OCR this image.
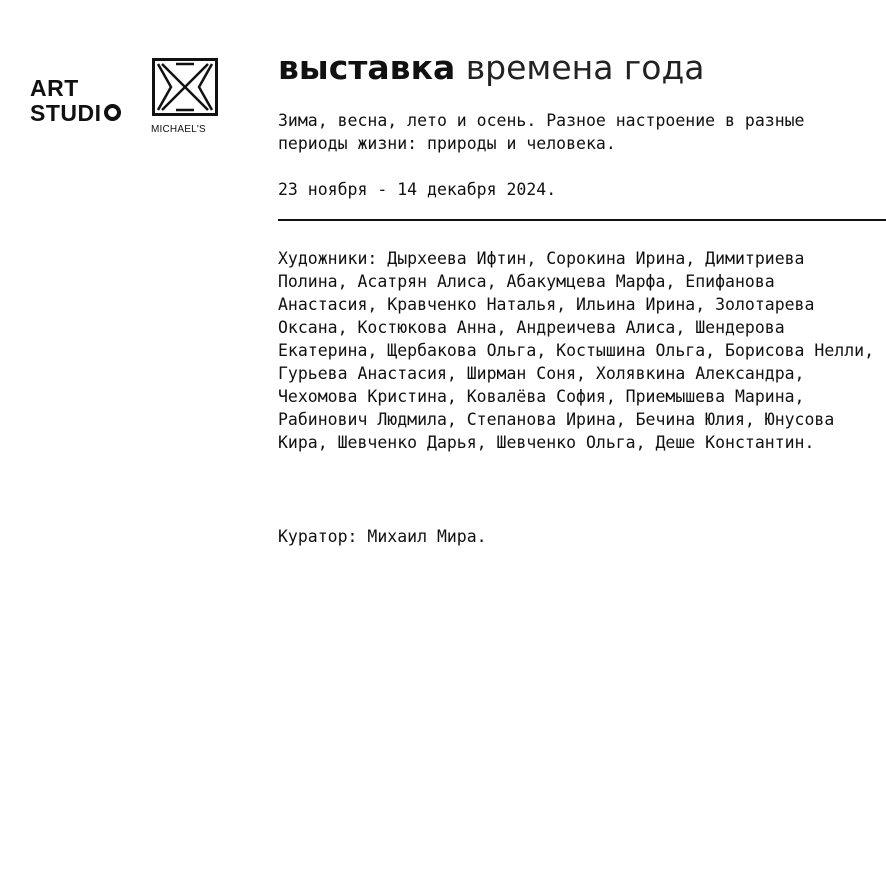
ART
STUDI
MICHAEL'S
выставка времена года

Зима, весна, лето и осень. Разное настроение в разные периоды жизни: природы и человека.

23 ноября - 14 декабря 2024.

Художники: Дырхеева Ифтин, Сорокина Ирина, Димитриева Полина, Асатрян Алиса, Абакумцева Марфа, Епифанова Анастасия, Кравченко Наталья, Ильина Ирина, Золотарева Оксана, Костюкова Анна, Андреичева Алиса, Шендерова Екатерина, Щербакова Ольга, Костышина Ольга, Борисова Нелли, Гурьева Анастасия, Ширман Соня, Холявкина Александра, Чехомова Кристина, Ковалёва София, Приемышева Марина, Рабинович Людмила, Степанова Ирина, Бечина Юлия, Юнусова Кира, Шевченко Дарья, Шевченко Ольга, Деше Константин.

Куратор: Михаил Мира.
